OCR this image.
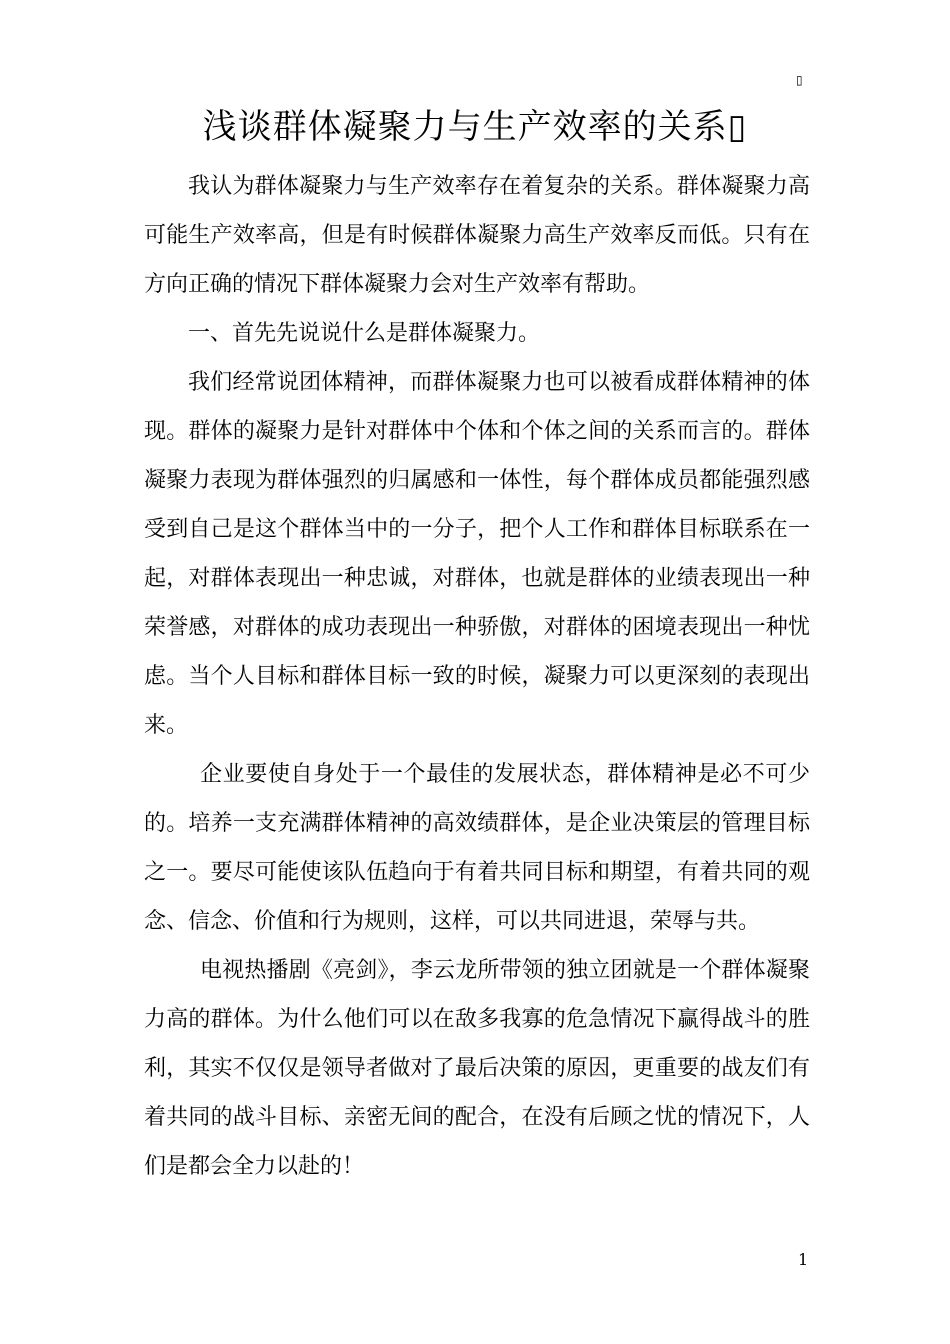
▯
浅谈群体凝聚力与生产效率的关系▯

我认为群体凝聚力与生产效率存在着复杂的关系。群体凝聚力高可能生产效率高，但是有时候群体凝聚力高生产效率反而低。只有在方向正确的情况下群体凝聚力会对生产效率有帮助。

一、首先先说说什么是群体凝聚力。

我们经常说团体精神，而群体凝聚力也可以被看成群体精神的体现。群体的凝聚力是针对群体中个体和个体之间的关系而言的。群体凝聚力表现为群体强烈的归属感和一体性，每个群体成员都能强烈感受到自己是这个群体当中的一分子，把个人工作和群体目标联系在一起，对群体表现出一种忠诚，对群体，也就是群体的业绩表现出一种荣誉感，对群体的成功表现出一种骄傲，对群体的困境表现出一种忧虑。当个人目标和群体目标一致的时候，凝聚力可以更深刻的表现出来。

企业要使自身处于一个最佳的发展状态，群体精神是必不可少的。培养一支充满群体精神的高效绩群体，是企业决策层的管理目标之一。要尽可能使该队伍趋向于有着共同目标和期望，有着共同的观念、信念、价值和行为规则，这样，可以共同进退，荣辱与共。

电视热播剧《亮剑》，李云龙所带领的独立团就是一个群体凝聚力高的群体。为什么他们可以在敌多我寡的危急情况下赢得战斗的胜利，其实不仅仅是领导者做对了最后决策的原因，更重要的战友们有着共同的战斗目标、亲密无间的配合，在没有后顾之忧的情况下，人们是都会全力以赴的！

1
